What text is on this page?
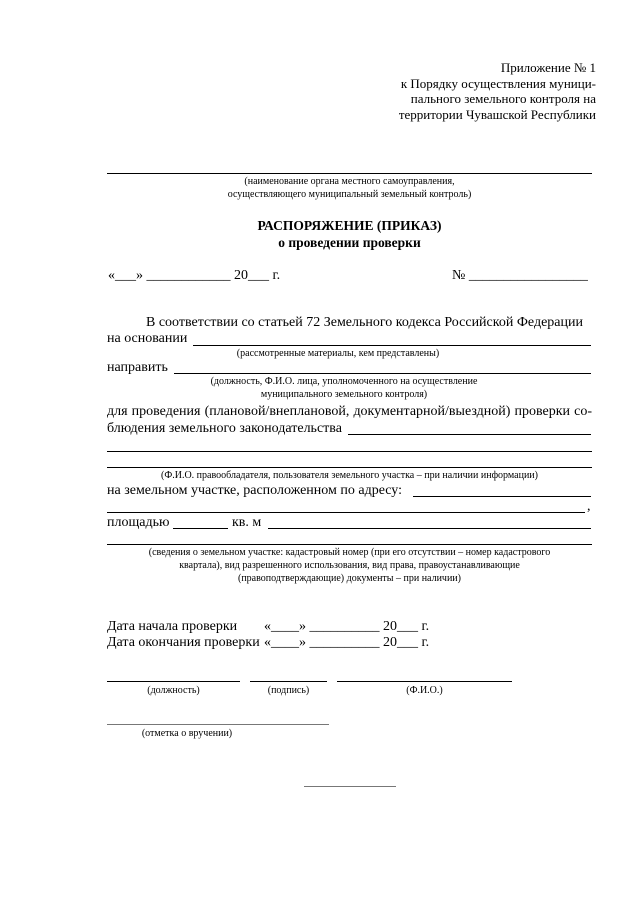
Приложение № 1
к Порядку осуществления муници-
пального земельного контроля на
территории Чувашской Республики
(наименование органа местного самоуправления,
осуществляющего муниципальный земельный контроль)
РАСПОРЯЖЕНИЕ (ПРИКАЗ)
о проведении проверки
«___» ____________ 20___ г.	№ _________________
В соответствии со статьей 72 Земельного кодекса Российской Федерации
на основании
(рассмотренные материалы, кем представлены)
направить
(должность, Ф.И.О. лица, уполномоченного на осуществление
муниципального земельного контроля)
для проведения (плановой/внеплановой, документарной/выездной) проверки со-
блюдения земельного законодательства
(Ф.И.О. правообладателя, пользователя земельного участка – при наличии информации)
на земельном участке, расположенном по адресу:
,
площадью	кв. м
(сведения о земельном участке: кадастровый номер (при его отсутствии – номер кадастрового
квартала), вид разрешенного использования, вид права, правоустанавливающие
(правоподтверждающие) документы – при наличии)
Дата начала проверки «____» __________ 20___ г.
Дата окончания проверки «____» __________ 20___ г.
(должность)	(подпись)	(Ф.И.О.)
(отметка о вручении)
